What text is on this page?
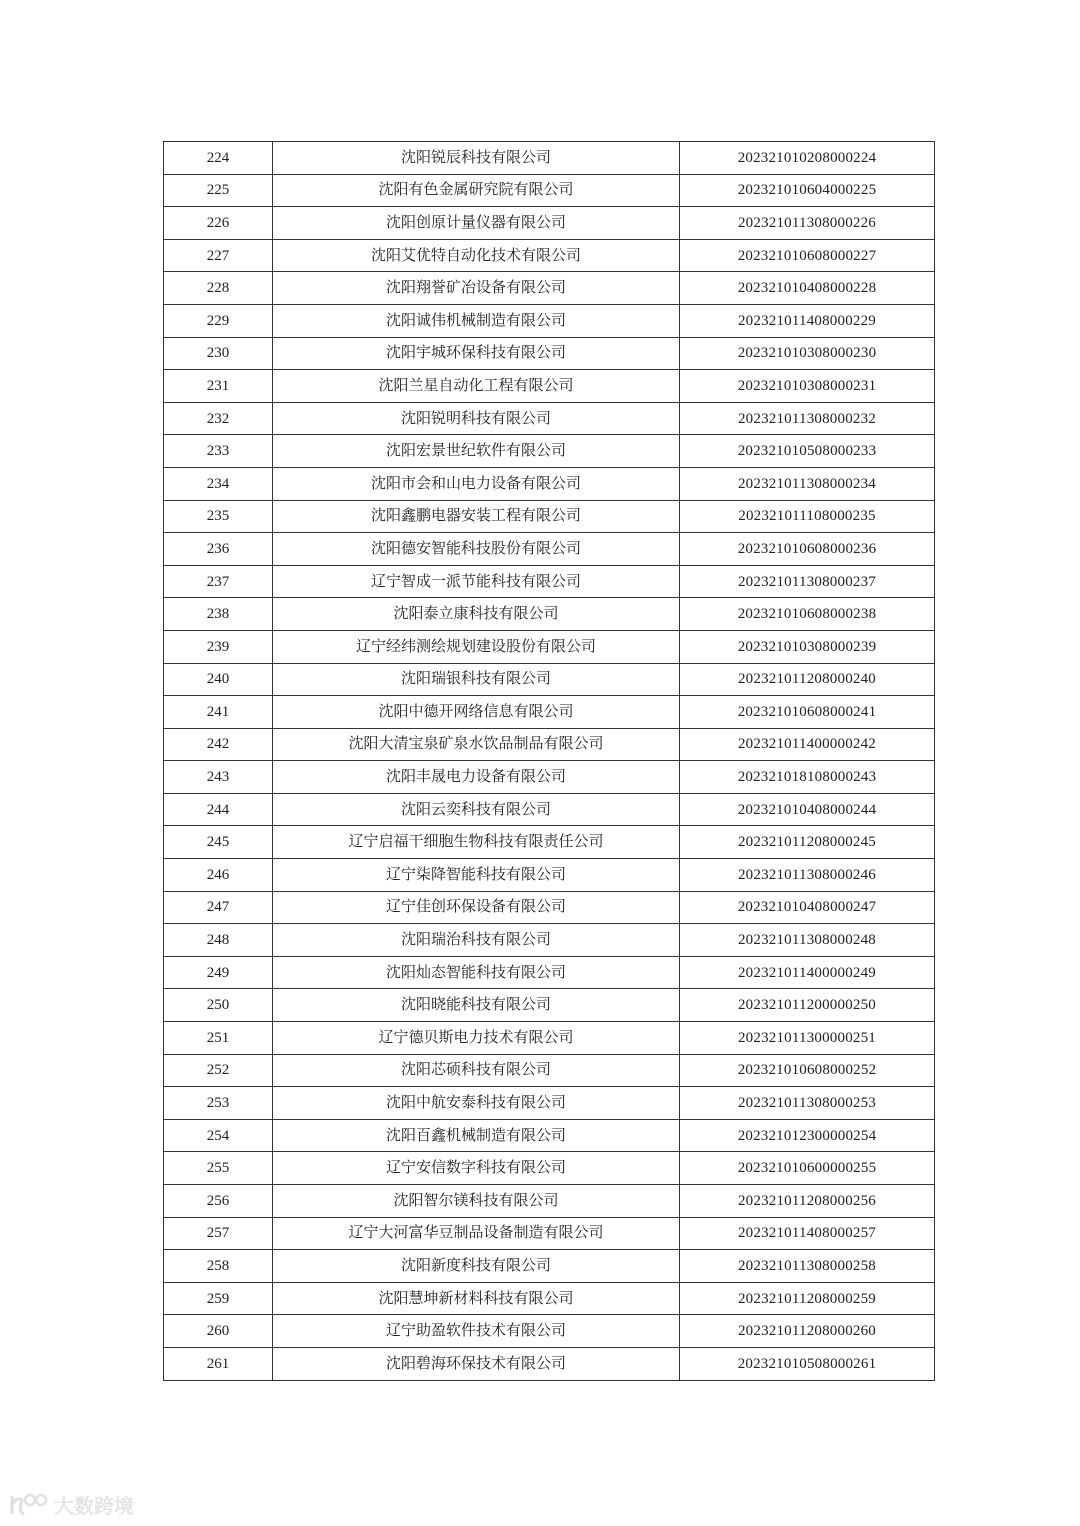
224	沈阳锐辰科技有限公司	202321010208000224
225	沈阳有色金属研究院有限公司	202321010604000225
226	沈阳创原计量仪器有限公司	202321011308000226
227	沈阳艾优特自动化技术有限公司	202321010608000227
228	沈阳翔誉矿冶设备有限公司	202321010408000228
229	沈阳诚伟机械制造有限公司	202321011408000229
230	沈阳宇城环保科技有限公司	202321010308000230
231	沈阳兰星自动化工程有限公司	202321010308000231
232	沈阳锐明科技有限公司	202321011308000232
233	沈阳宏景世纪软件有限公司	202321010508000233
234	沈阳市会和山电力设备有限公司	202321011308000234
235	沈阳鑫鹏电器安装工程有限公司	202321011108000235
236	沈阳德安智能科技股份有限公司	202321010608000236
237	辽宁智成一派节能科技有限公司	202321011308000237
238	沈阳泰立康科技有限公司	202321010608000238
239	辽宁经纬测绘规划建设股份有限公司	202321010308000239
240	沈阳瑞银科技有限公司	202321011208000240
241	沈阳中德开网络信息有限公司	202321010608000241
242	沈阳大清宝泉矿泉水饮品制品有限公司	202321011400000242
243	沈阳丰晟电力设备有限公司	202321018108000243
244	沈阳云奕科技有限公司	202321010408000244
245	辽宁启福干细胞生物科技有限责任公司	202321011208000245
246	辽宁柒降智能科技有限公司	202321011308000246
247	辽宁佳创环保设备有限公司	202321010408000247
248	沈阳瑞治科技有限公司	202321011308000248
249	沈阳灿态智能科技有限公司	202321011400000249
250	沈阳晓能科技有限公司	202321011200000250
251	辽宁德贝斯电力技术有限公司	202321011300000251
252	沈阳芯硕科技有限公司	202321010608000252
253	沈阳中航安泰科技有限公司	202321011308000253
254	沈阳百鑫机械制造有限公司	202321012300000254
255	辽宁安信数字科技有限公司	202321010600000255
256	沈阳智尔镁科技有限公司	202321011208000256
257	辽宁大河富华豆制品设备制造有限公司	202321011408000257
258	沈阳新度科技有限公司	202321011308000258
259	沈阳慧坤新材料科技有限公司	202321011208000259
260	辽宁助盈软件技术有限公司	202321011208000260
261	沈阳碧海环保技术有限公司	202321010508000261
大数跨境
